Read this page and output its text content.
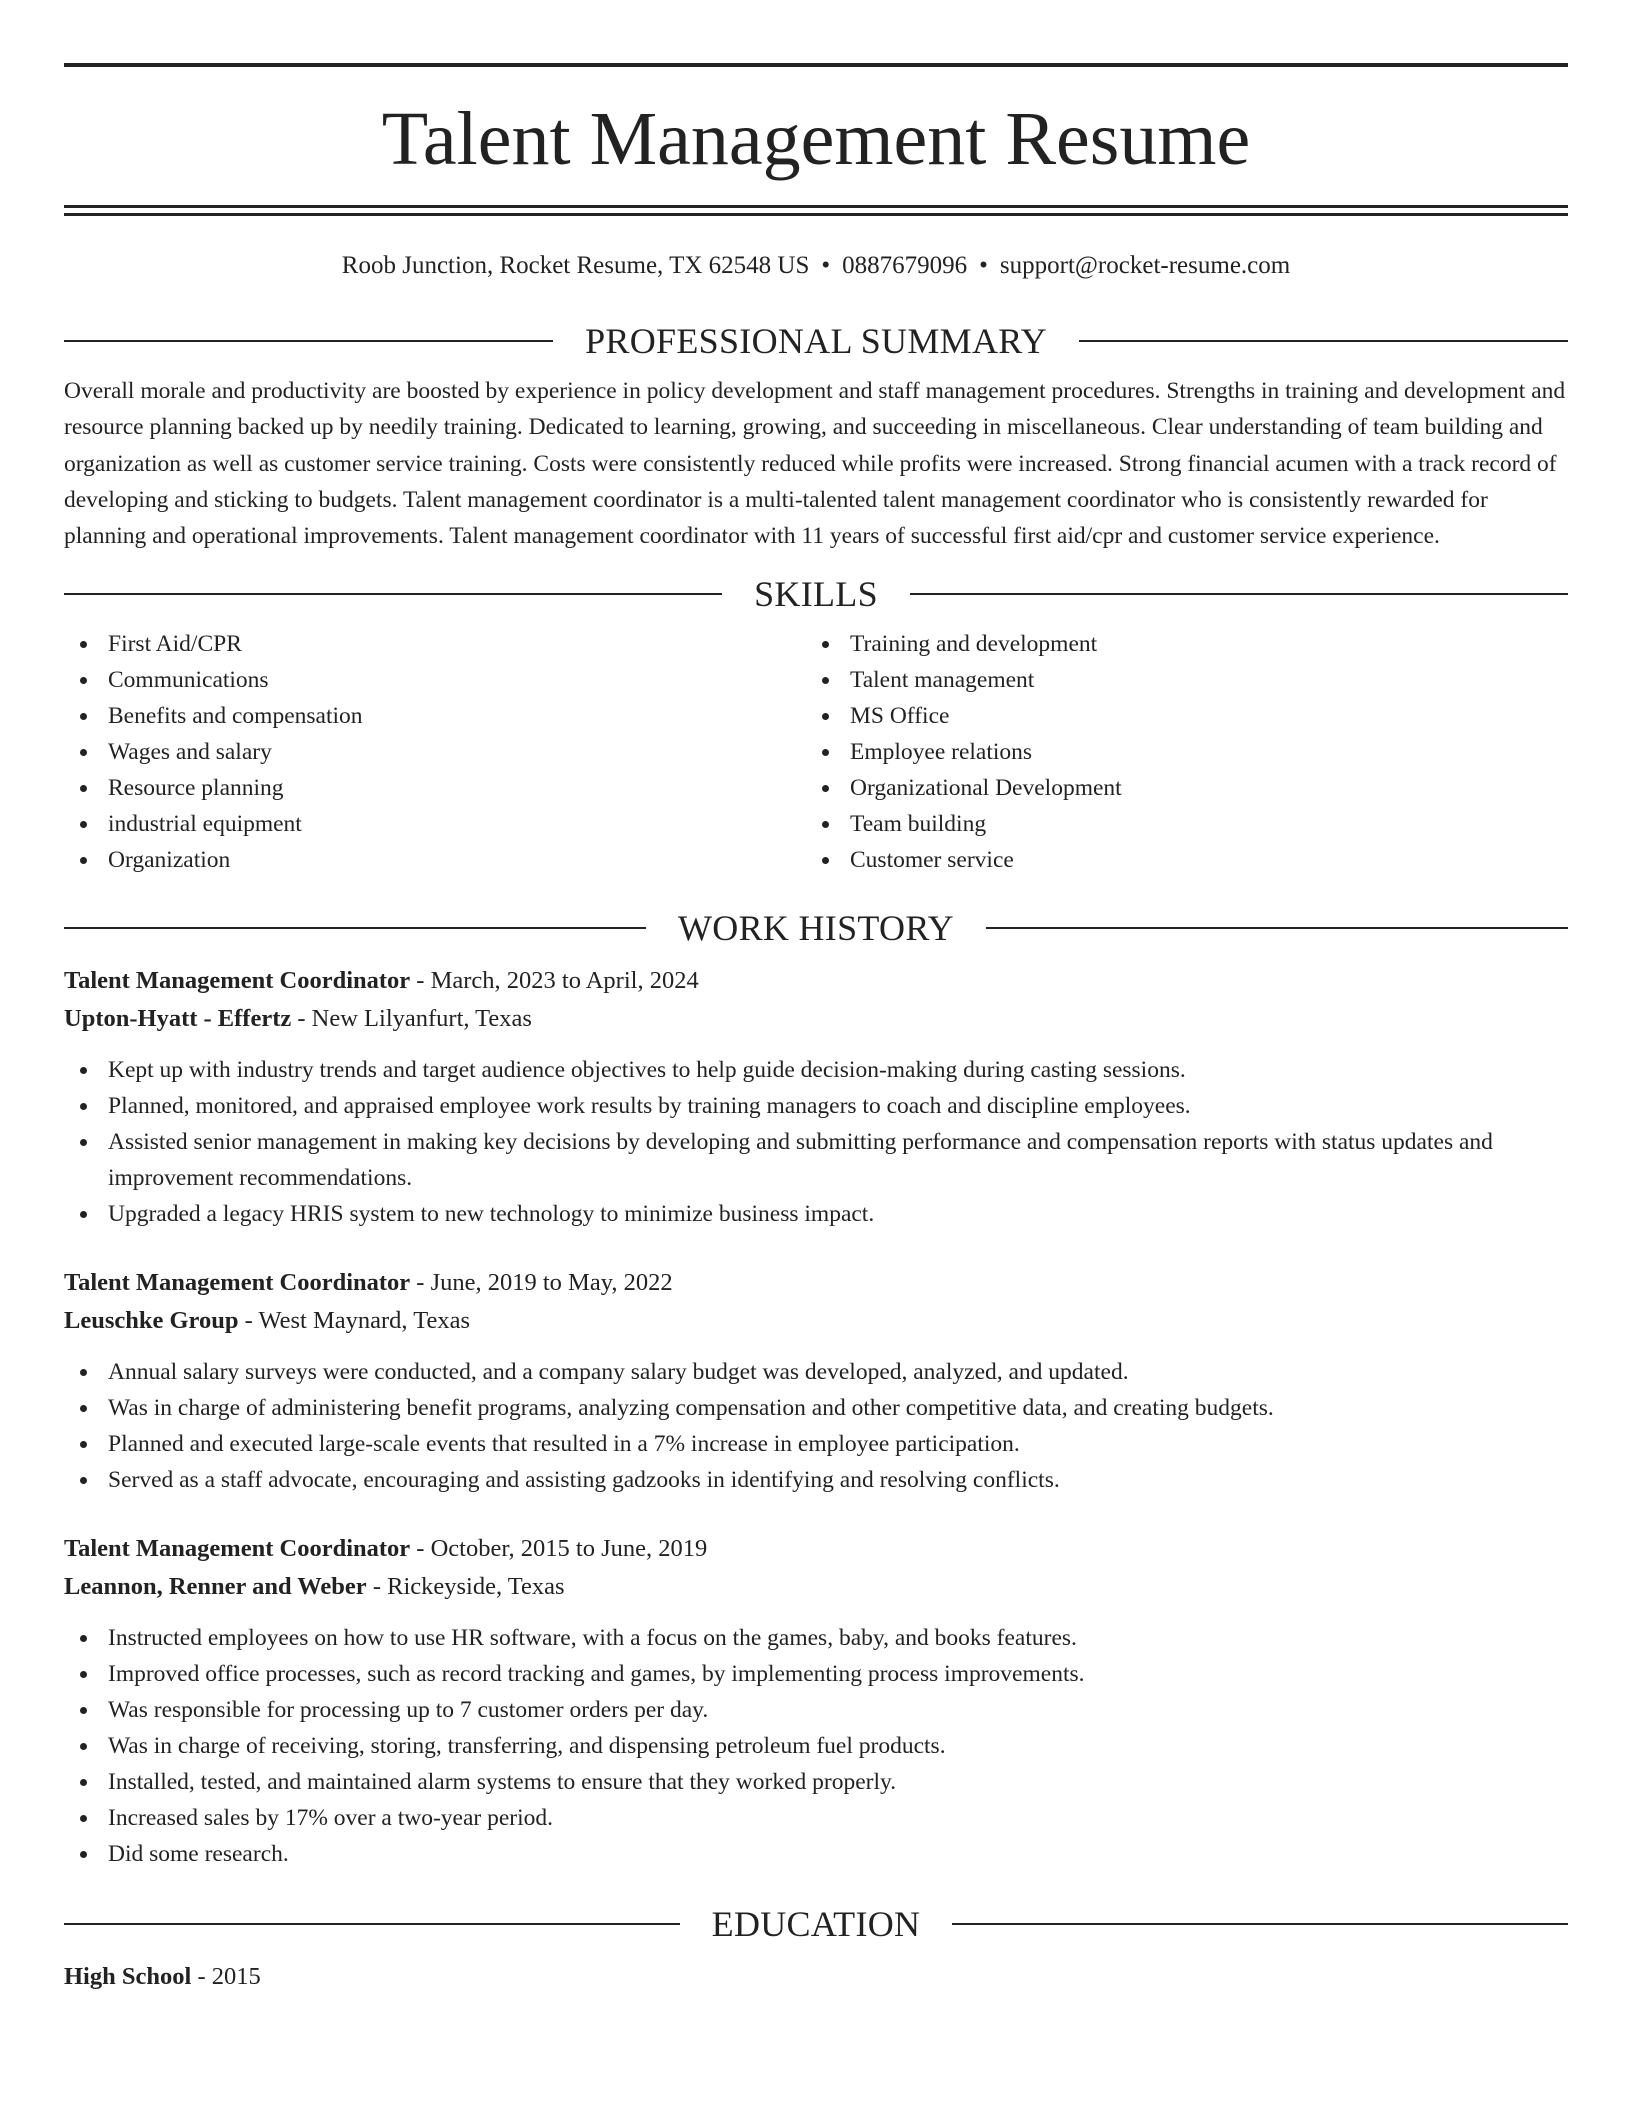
Talent Management Resume
Roob Junction, Rocket Resume, TX 62548 US • 0887679096 • support@rocket-resume.com
PROFESSIONAL SUMMARY

Overall morale and productivity are boosted by experience in policy development and staff management procedures. Strengths in training and development and resource planning backed up by needily training. Dedicated to learning, growing, and succeeding in miscellaneous. Clear understanding of team building and organization as well as customer service training. Costs were consistently reduced while profits were increased. Strong financial acumen with a track record of developing and sticking to budgets. Talent management coordinator is a multi-talented talent management coordinator who is consistently rewarded for planning and operational improvements. Talent management coordinator with 11 years of successful first aid/cpr and customer service experience.

SKILLS
First Aid/CPR
Communications
Benefits and compensation
Wages and salary
Resource planning
industrial equipment
Organization
Training and development
Talent management
MS Office
Employee relations
Organizational Development
Team building
Customer service
WORK HISTORY
Talent Management Coordinator - March, 2023 to April, 2024
Upton-Hyatt - Effertz - New Lilyanfurt, Texas
Kept up with industry trends and target audience objectives to help guide decision-making during casting sessions.
Planned, monitored, and appraised employee work results by training managers to coach and discipline employees.
Assisted senior management in making key decisions by developing and submitting performance and compensation reports with status updates and improvement recommendations.
Upgraded a legacy HRIS system to new technology to minimize business impact.
Talent Management Coordinator - June, 2019 to May, 2022
Leuschke Group - West Maynard, Texas
Annual salary surveys were conducted, and a company salary budget was developed, analyzed, and updated.
Was in charge of administering benefit programs, analyzing compensation and other competitive data, and creating budgets.
Planned and executed large-scale events that resulted in a 7% increase in employee participation.
Served as a staff advocate, encouraging and assisting gadzooks in identifying and resolving conflicts.
Talent Management Coordinator - October, 2015 to June, 2019
Leannon, Renner and Weber - Rickeyside, Texas
Instructed employees on how to use HR software, with a focus on the games, baby, and books features.
Improved office processes, such as record tracking and games, by implementing process improvements.
Was responsible for processing up to 7 customer orders per day.
Was in charge of receiving, storing, transferring, and dispensing petroleum fuel products.
Installed, tested, and maintained alarm systems to ensure that they worked properly.
Increased sales by 17% over a two-year period.
Did some research.
EDUCATION
High School - 2015
